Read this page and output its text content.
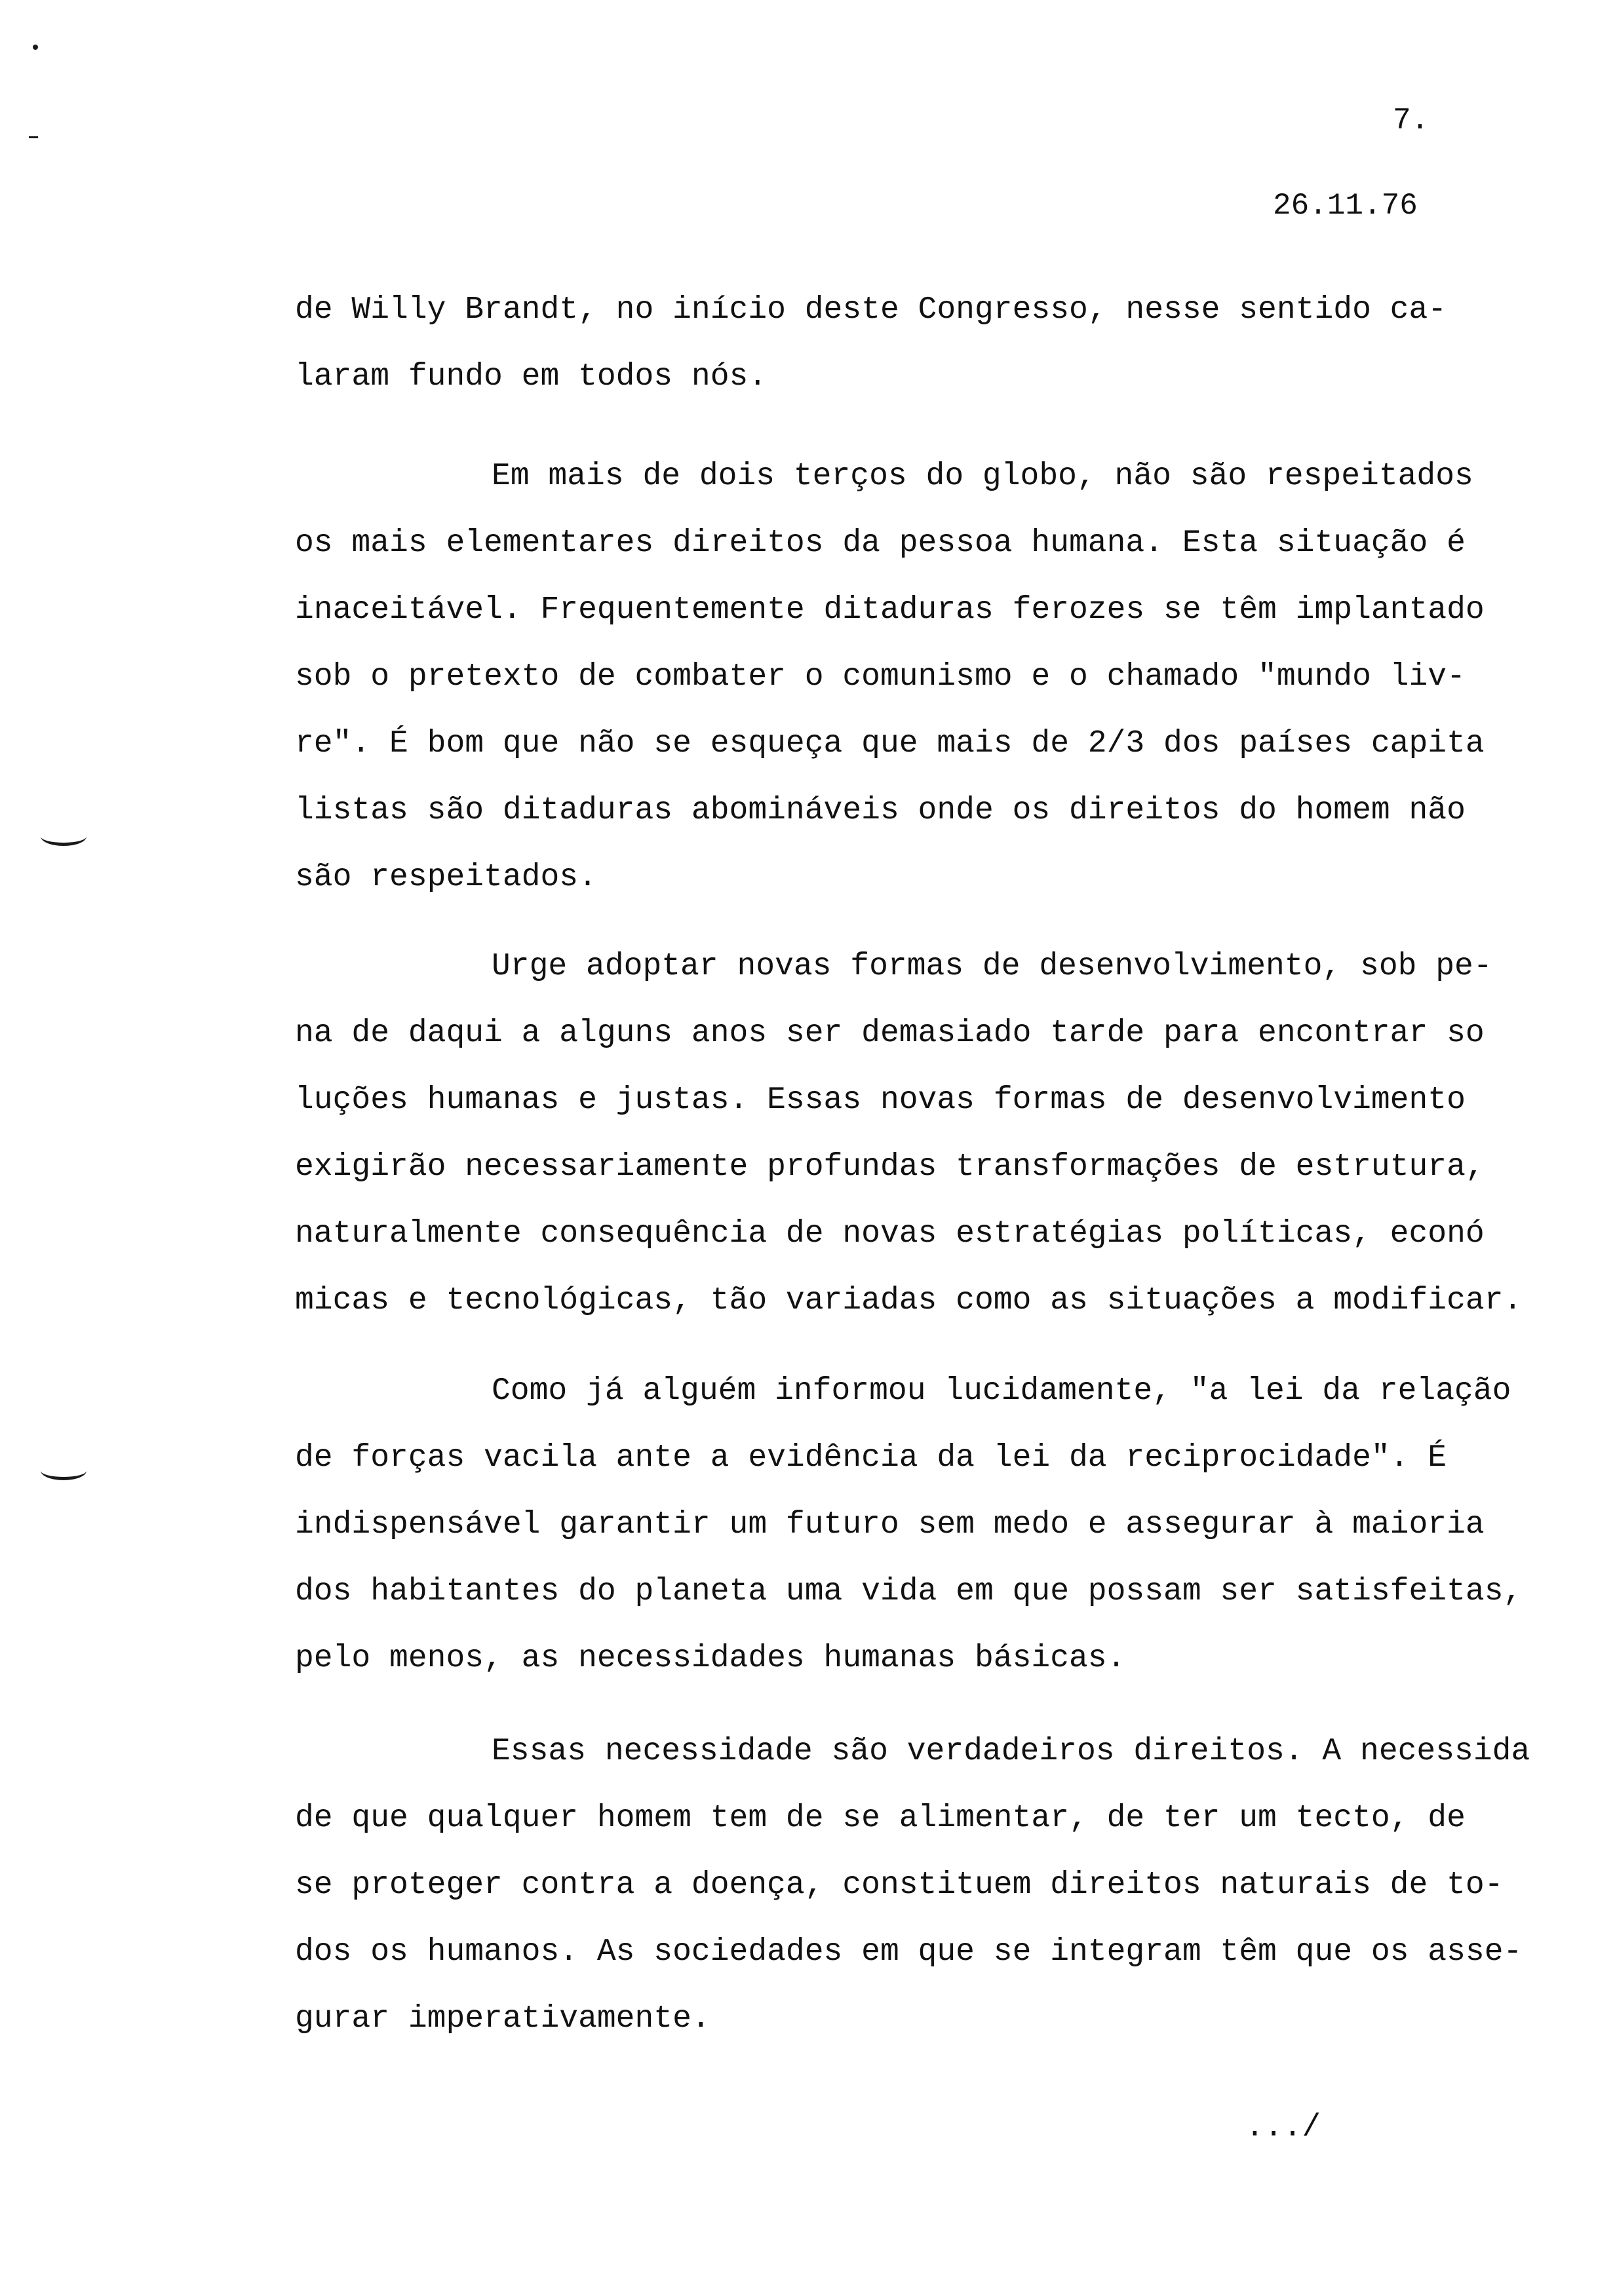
7.
26.11.76
de Willy Brandt, no início deste Congresso, nesse sentido ca-
laram fundo em todos nós.
Em mais de dois terços do globo, não são respeitados
os mais elementares direitos da pessoa humana. Esta situação é
inaceitável. Frequentemente ditaduras ferozes se têm implantado
sob o pretexto de combater o comunismo e o chamado "mundo liv-
re". É bom que não se esqueça que mais de 2/3 dos países capita
listas são ditaduras abomináveis onde os direitos do homem não
são respeitados.
Urge adoptar novas formas de desenvolvimento, sob pe-
na de daqui a alguns anos ser demasiado tarde para encontrar so
luções humanas e justas. Essas novas formas de desenvolvimento
exigirão necessariamente profundas transformações de estrutura,
naturalmente consequência de novas estratégias políticas, econó
micas e tecnológicas, tão variadas como as situações a modificar.
Como já alguém informou lucidamente, "a lei da relação
de forças vacila ante a evidência da lei da reciprocidade". É
indispensável garantir um futuro sem medo e assegurar à maioria
dos habitantes do planeta uma vida em que possam ser satisfeitas,
pelo menos, as necessidades humanas básicas.
Essas necessidade são verdadeiros direitos. A necessida
de que qualquer homem tem de se alimentar, de ter um tecto, de
se proteger contra a doença, constituem direitos naturais de to-
dos os humanos. As sociedades em que se integram têm que os asse-
gurar imperativamente.
.../
